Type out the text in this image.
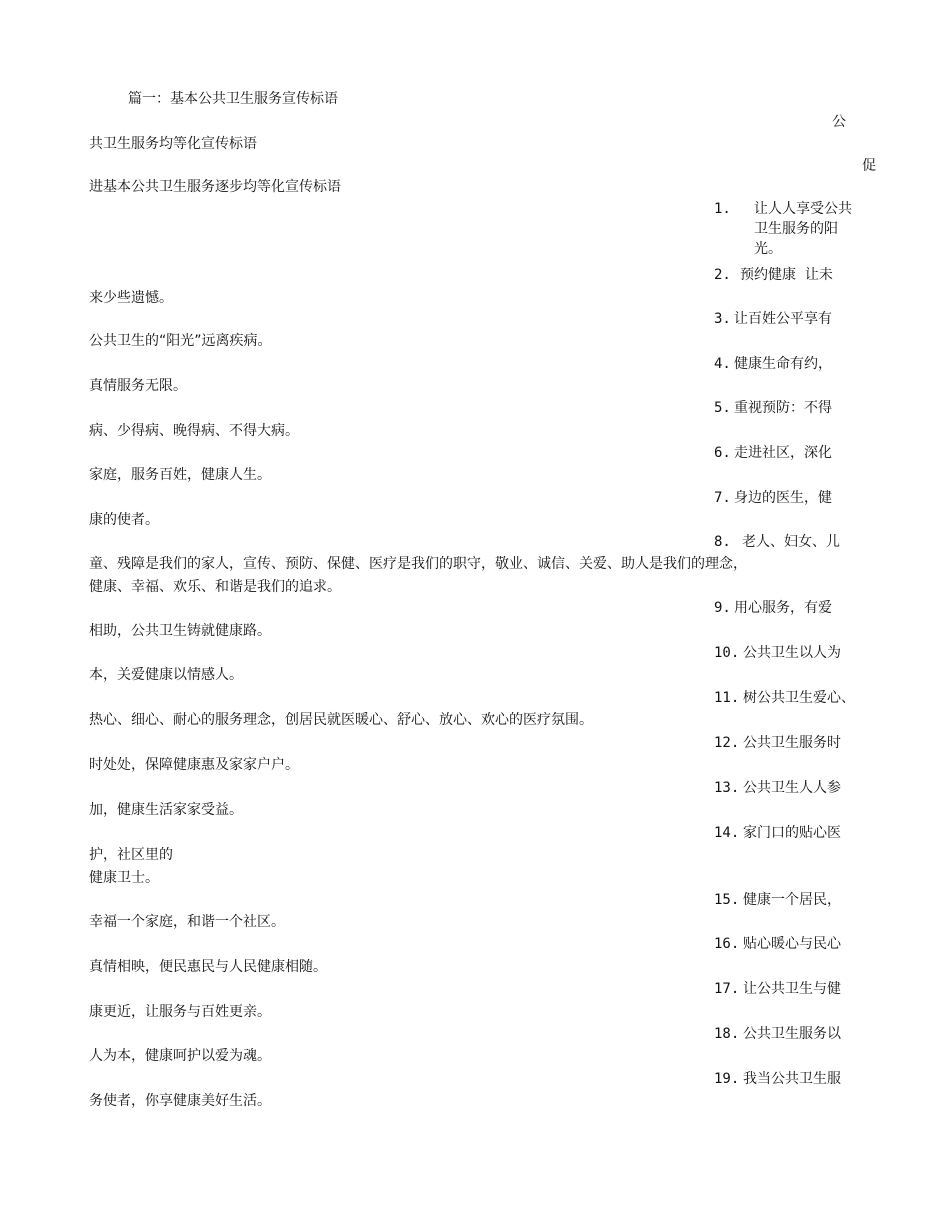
篇一：基本公共卫生服务宣传标语
公
促
共卫生服务均等化宣传标语
进基本公共卫生服务逐步均等化宣传标语
来少些遗憾。
公共卫生的“阳光”远离疾病。
真情服务无限。
病、少得病、晚得病、不得大病。
家庭，服务百姓，健康人生。
康的使者。
童、残障是我们的家人，宣传、预防、保健、医疗是我们的职守，敬业、诚信、关爱、助人是我们的理念，
健康、幸福、欢乐、和谐是我们的追求。
相助，公共卫生铸就健康路。
本，关爱健康以情感人。
热心、细心、耐心的服务理念，创居民就医暖心、舒心、放心、欢心的医疗氛围。
时处处，保障健康惠及家家户户。
加，健康生活家家受益。
护，社区里的
健康卫士。
幸福一个家庭，和谐一个社区。
真情相映，便民惠民与人民健康相随。
康更近，让服务与百姓更亲。
人为本，健康呵护以爱为魂。
务使者，你享健康美好生活。
1. 让人人享受公共卫生服务的阳光。
2. 预约健康  让未
3. 让百姓公平享有
4. 健康生命有约，
5. 重视预防：不得
6. 走进社区，深化
7. 身边的医生，健
8. 老人、妇女、儿
9. 用心服务，有爱
10. 公共卫生以人为
11. 树公共卫生爱心、
12. 公共卫生服务时
13. 公共卫生人人参
14. 家门口的贴心医
15. 健康一个居民，
16. 贴心暖心与民心
17. 让公共卫生与健
18. 公共卫生服务以
19. 我当公共卫生服
